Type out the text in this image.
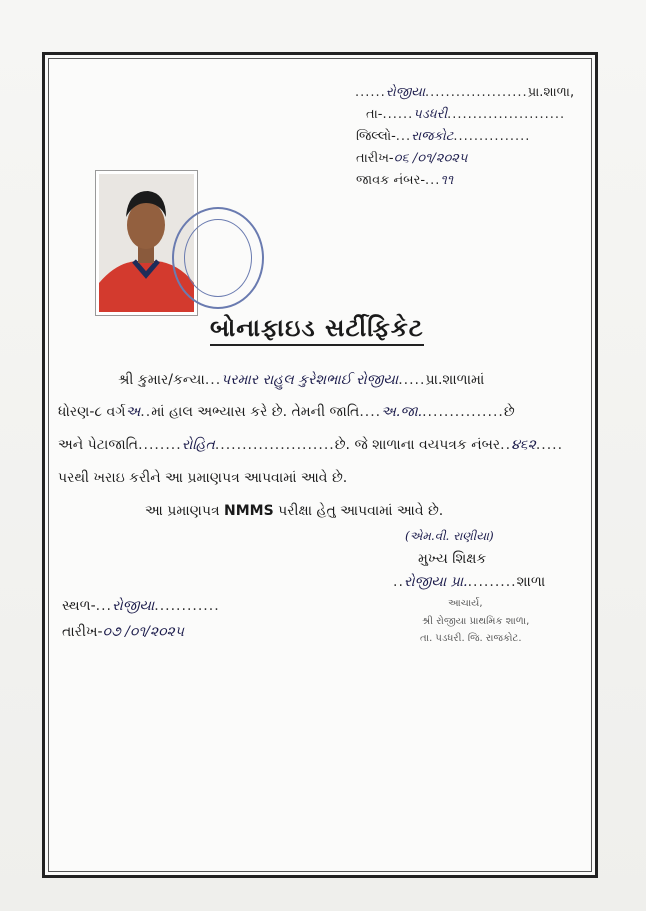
......રોજીયા....................પ્રા.શાળા,
તા-......પડધરી.......................
જિલ્લો-...રાજકોટ...............
તારીખ-૦૬ /૦૧/૨૦૨૫
જાવક નંબર-...૧૧
બોનાફાઇડ સર્ટીફિકેટ
શ્રી કુમાર/કન્યા...પરમાર રાહુલ કુરેશભાઈ રોજીયા.....પ્રા.શાળામાં
ધોરણ-૮ વર્ગઅ..માં હાલ અભ્યાસ કરે છે. તેમની જાતિ....અ.જા................છે
અને પેટાજાતિ........રોહિત......................છે. જે શાળાના વયપત્રક નંબર..૪૬૨.....
પરથી ખરાઇ કરીને આ પ્રમાણપત્ર આપવામાં આવે છે.
આ પ્રમાણપત્ર NMMS પરીક્ષા હેતુ આપવામાં આવે છે.
(એમ.વી. રાણીયા)
મુખ્ય શિક્ષક
..રોજીયા પ્રા..........શાળા
સ્થળ-...રોજીયા............
તારીખ-૦૭ /૦૧/૨૦૨૫
આચાર્ય,
શ્રી રોજીયા પ્રાથમિક શાળા,
તા. પડધરી. જિ. રાજકોટ.
